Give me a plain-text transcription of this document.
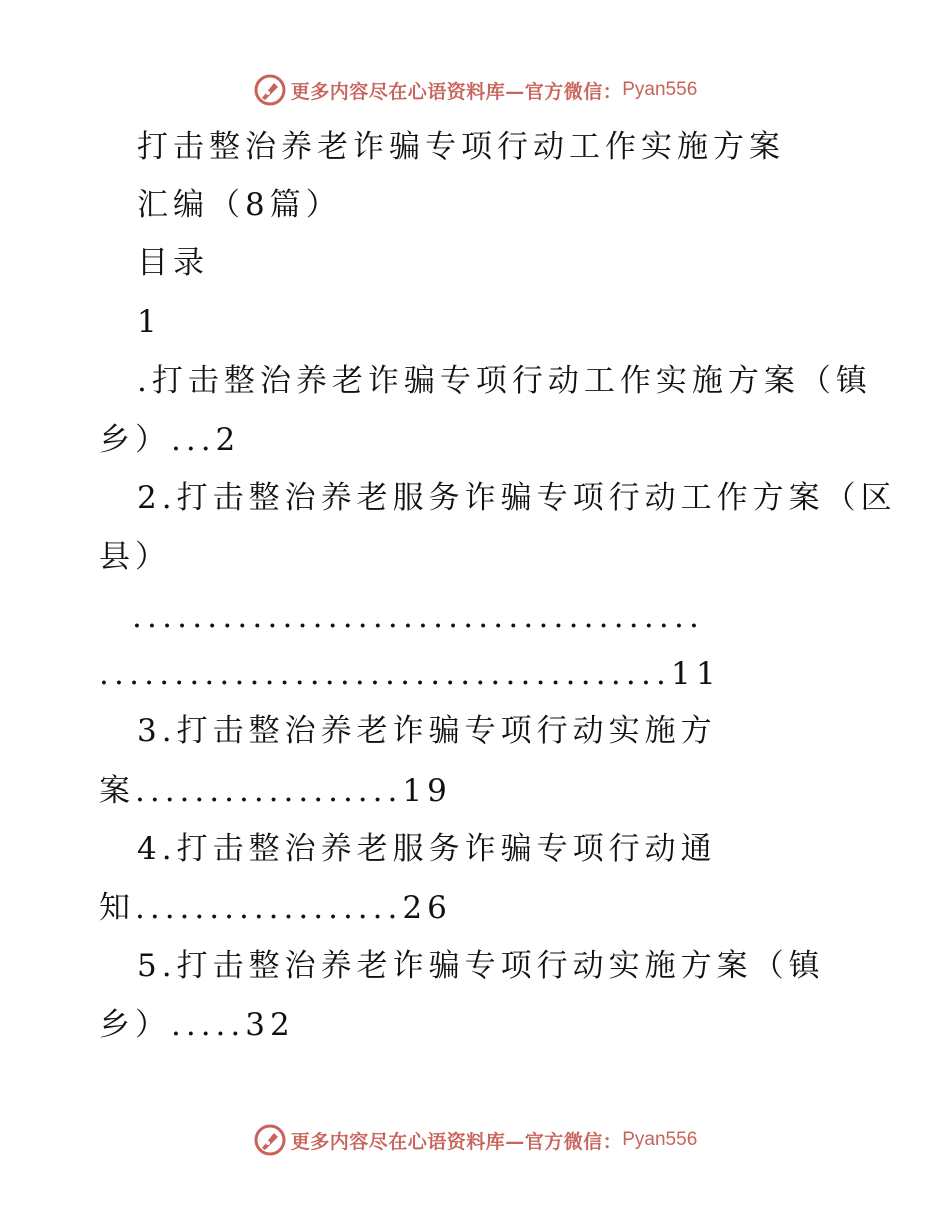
更多内容尽在心语资料库—官方微信： Pyan556
打击整治养老诈骗专项行动工作实施方案
汇编（8篇）
目录
1
.打击整治养老诈骗专项行动工作实施方案（镇
乡）...2
2.打击整治养老服务诈骗专项行动工作方案（区
县）
......................................
......................................11
3.打击整治养老诈骗专项行动实施方
案..................19
4.打击整治养老服务诈骗专项行动通
知..................26
5.打击整治养老诈骗专项行动实施方案（镇
乡）.....32
更多内容尽在心语资料库—官方微信： Pyan556
